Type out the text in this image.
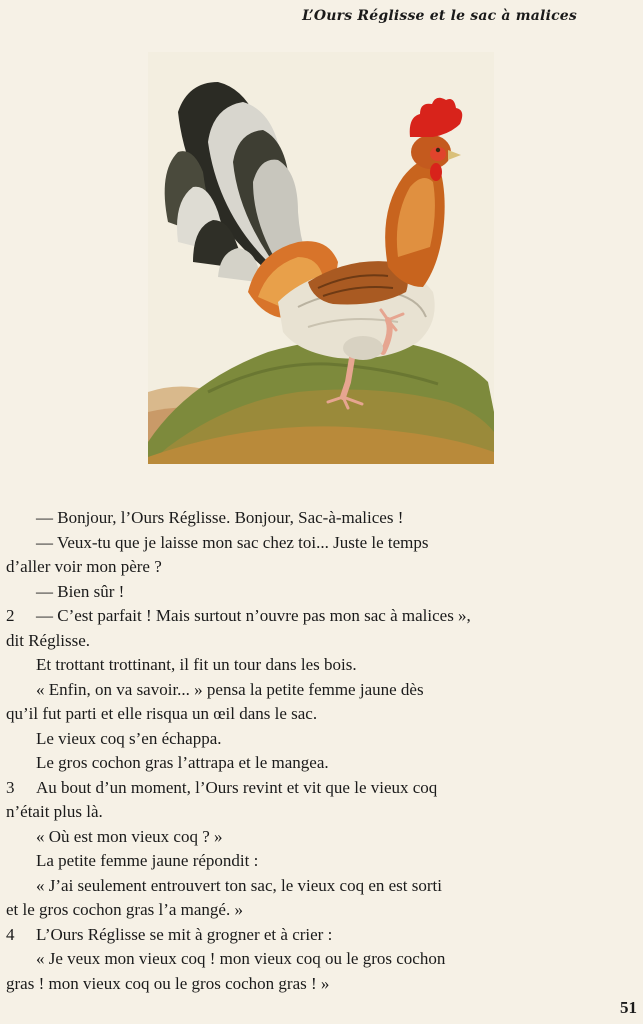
L’Ours Réglisse et le sac à malices
— Bonjour, l’Ours Réglisse. Bonjour, Sac-à-malices !
— Veux-tu que je laisse mon sac chez toi... Juste le temps
d’aller voir mon père ?
— Bien sûr !
2	— C’est parfait ! Mais surtout n’ouvre pas mon sac à malices »,
dit Réglisse.
Et trottant trottinant, il fit un tour dans les bois.
« Enfin, on va savoir... » pensa la petite femme jaune dès
qu’il fut parti et elle risqua un œil dans le sac.
Le vieux coq s’en échappa.
Le gros cochon gras l’attrapa et le mangea.
3	Au bout d’un moment, l’Ours revint et vit que le vieux coq
n’était plus là.
« Où est mon vieux coq ? »
La petite femme jaune répondit :
« J’ai seulement entrouvert ton sac, le vieux coq en est sorti
et le gros cochon gras l’a mangé. »
4	L’Ours Réglisse se mit à grogner et à crier :
« Je veux mon vieux coq ! mon vieux coq ou le gros cochon
gras ! mon vieux coq ou le gros cochon gras ! »
51
